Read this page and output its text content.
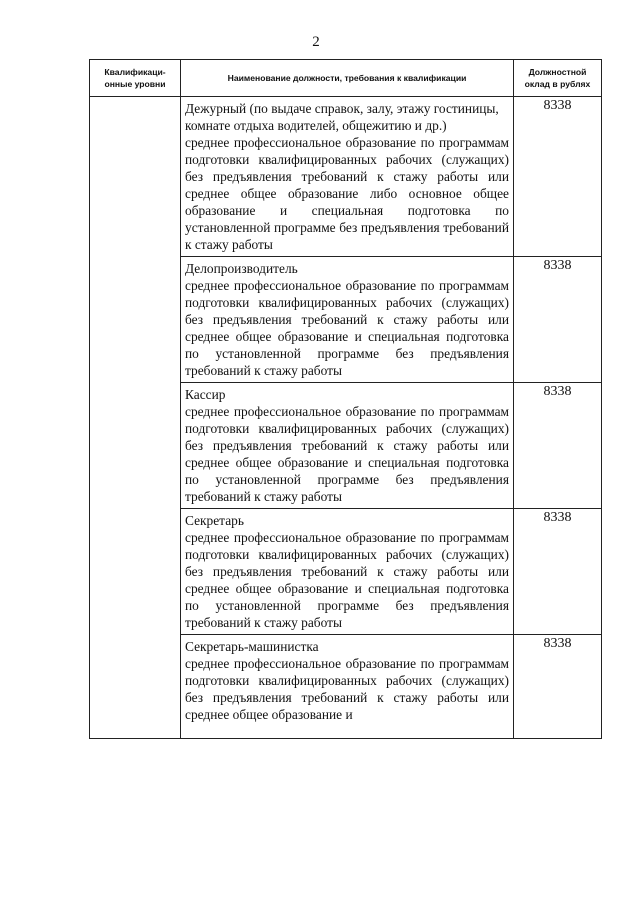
2
Квалификаци-онные уровни	Наименование должности, требования к квалификации	Должностной оклад в рублях

	Дежурный (по выдаче справок, залу, этажу гостиницы, комнате отдыха водителей, общежитию и др.)
среднее профессиональное образование по программам подготовки квалифицированных рабочих (служащих) без предъявления требований к стажу работы или среднее общее образование либо основное общее образование и специальная подготовка по установленной программе без предъявления требований к стажу работы	8338

	Делопроизводитель
среднее профессиональное образование по программам подготовки квалифицированных рабочих (служащих) без предъявления требований к стажу работы или среднее общее образование и специальная подготовка по установленной программе без предъявления требований к стажу работы	8338

	Кассир
среднее профессиональное образование по программам подготовки квалифицированных рабочих (служащих) без предъявления требований к стажу работы или среднее общее образование и специальная подготовка по установленной программе без предъявления требований к стажу работы	8338

	Секретарь
среднее профессиональное образование по программам подготовки квалифицированных рабочих (служащих) без предъявления требований к стажу работы или среднее общее образование и специальная подготовка по установленной программе без предъявления требований к стажу работы	8338

	Секретарь-машинистка
среднее профессиональное образование по программам подготовки квалифицированных рабочих (служащих) без предъявления требований к стажу работы или среднее общее образование и	8338
